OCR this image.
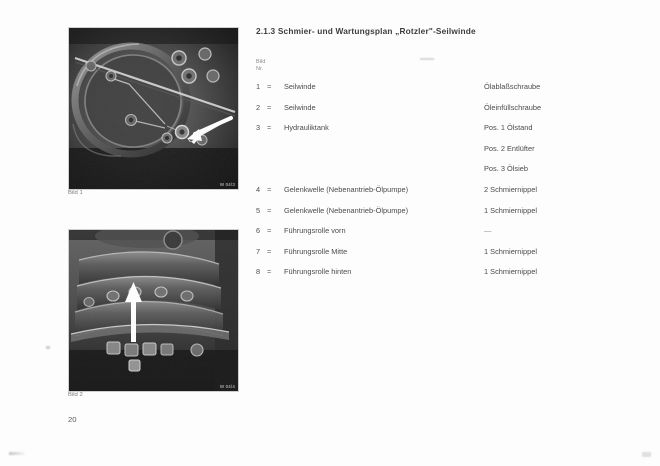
2.1.3 Schmier- und Wartungsplan „Rotzler"-Seilwinde
W 04/3
Bild 1
W 04/4
Bild 2
Bild
Nr.
1 = Seilwinde	Ölablaßschraube
2 = Seilwinde	Öleinfüllschraube
3 = Hydrauliktank	Pos. 1 Ölstand
Pos. 2 Entlüfter
Pos. 3 Ölsieb
4 = Gelenkwelle (Nebenantrieb-Ölpumpe)	2 Schmiernippel
5 = Gelenkwelle (Nebenantrieb-Ölpumpe)	1 Schmiernippel
6 = Führungsrolle vorn	—
7 = Führungsrolle Mitte	1 Schmiernippel
8 = Führungsrolle hinten	1 Schmiernippel
20
